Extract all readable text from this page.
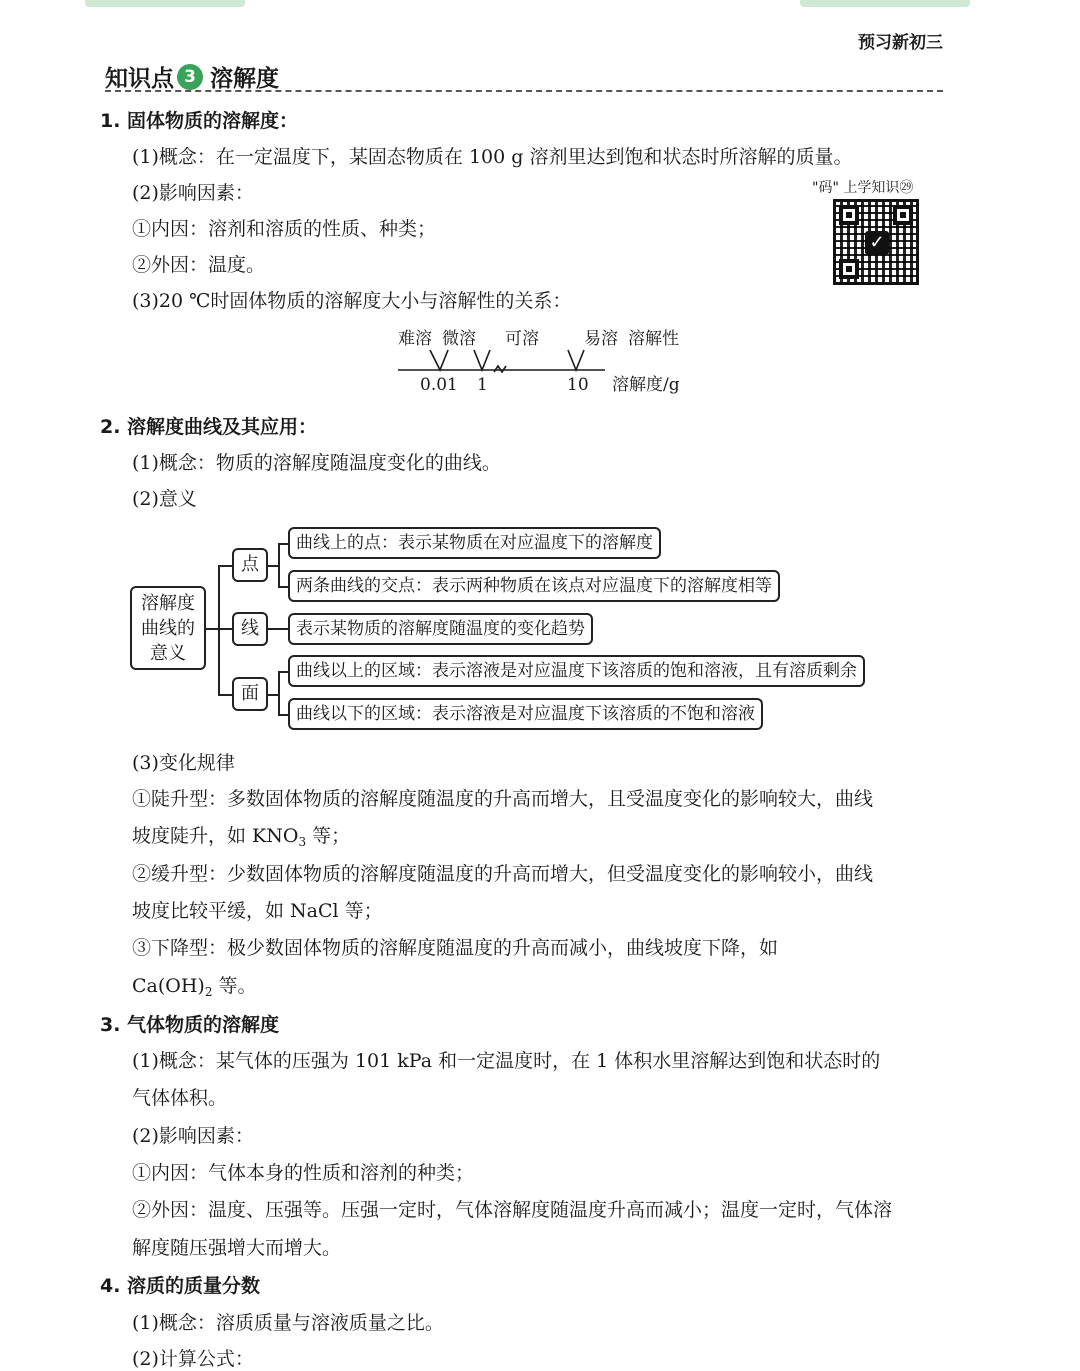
预习新初三
知识点 3 溶解度
1. 固体物质的溶解度：
(1)概念：在一定温度下，某固态物质在 100 g 溶剂里达到饱和状态时所溶解的质量。
(2)影响因素：
①内因：溶剂和溶质的性质、种类；
②外因：温度。
(3)20 ℃时固体物质的溶解度大小与溶解性的关系：
"码" 上学知识㉙
✓
难溶 微溶 可溶	易溶 溶解性
0.01 1	10 溶解度/g
2. 溶解度曲线及其应用：
(1)概念：物质的溶解度随温度变化的曲线。
(2)意义
溶解度
曲线的
意义
点
线
面
曲线上的点：表示某物质在对应温度下的溶解度
两条曲线的交点：表示两种物质在该点对应温度下的溶解度相等
表示某物质的溶解度随温度的变化趋势
曲线以上的区域：表示溶液是对应温度下该溶质的饱和溶液，且有溶质剩余
曲线以下的区域：表示溶液是对应温度下该溶质的不饱和溶液
(3)变化规律
①陡升型：多数固体物质的溶解度随温度的升高而增大，且受温度变化的影响较大，曲线
坡度陡升，如 $KNO_3$ 等；
②缓升型：少数固体物质的溶解度随温度的升高而增大，但受温度变化的影响较小，曲线
坡度比较平缓，如 NaCl 等；
③下降型：极少数固体物质的溶解度随温度的升高而减小，曲线坡度下降，如
$Ca(OH)_2$ 等。
3. 气体物质的溶解度
(1)概念：某气体的压强为 101 kPa 和一定温度时，在 1 体积水里溶解达到饱和状态时的
气体体积。
(2)影响因素：
①内因：气体本身的性质和溶剂的种类；
②外因：温度、压强等。压强一定时，气体溶解度随温度升高而减小；温度一定时，气体溶
解度随压强增大而增大。
4. 溶质的质量分数
(1)概念：溶质质量与溶液质量之比。
(2)计算公式：
